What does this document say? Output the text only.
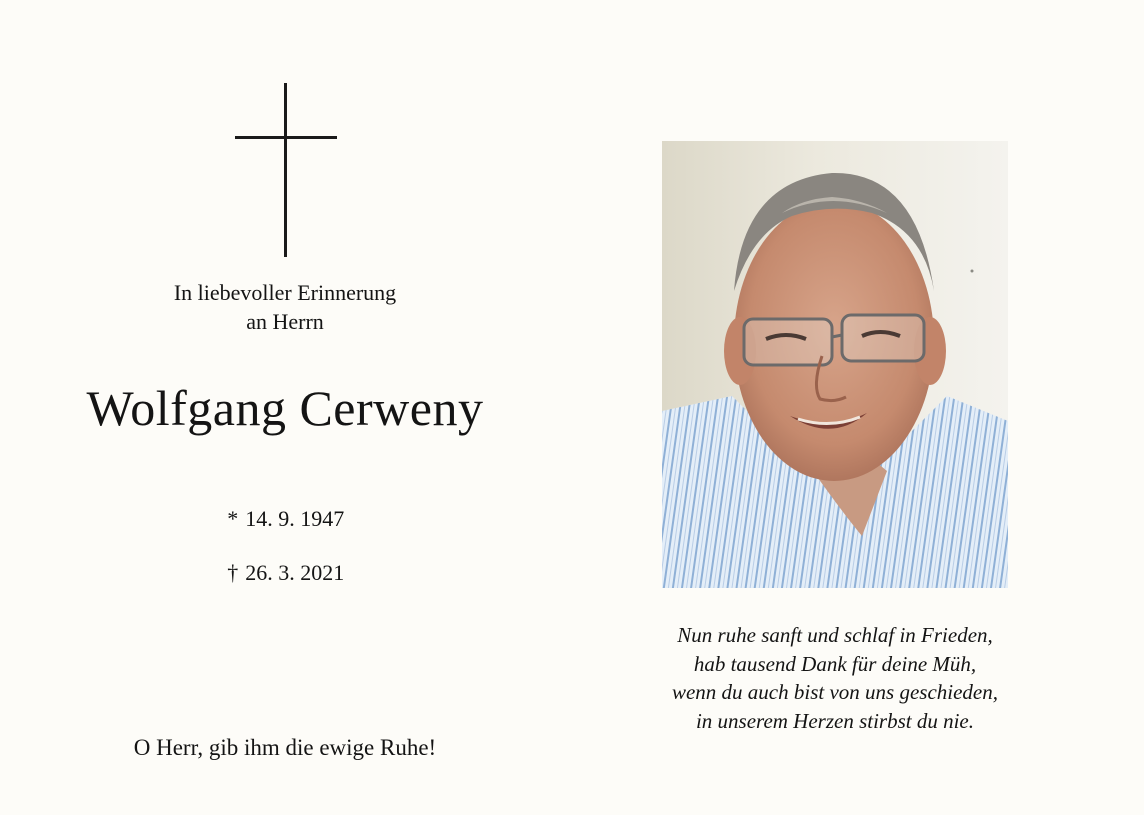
In liebevoller Erinnerung
an Herrn
Wolfgang Cerweny
* 14. 9. 1947
† 26. 3. 2021
O Herr, gib ihm die ewige Ruhe!
Nun ruhe sanft und schlaf in Frieden,
hab tausend Dank für deine Müh,
wenn du auch bist von uns geschieden,
in unserem Herzen stirbst du nie.
